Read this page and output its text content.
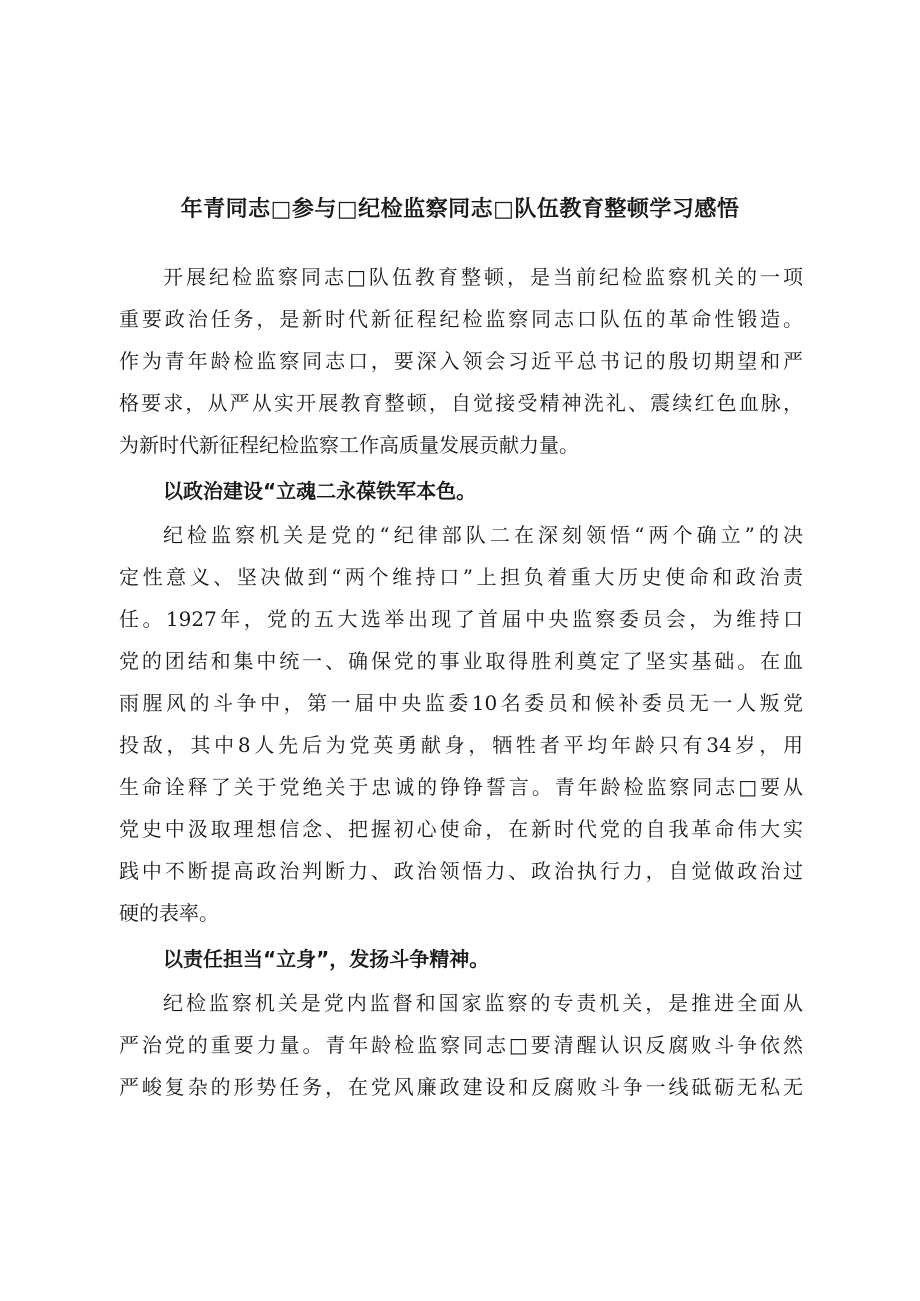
年青同志□参与□纪检监察同志□队伍教育整顿学习感悟
开展纪检监察同志□队伍教育整顿，是当前纪检监察机关的一项
重要政治任务，是新时代新征程纪检监察同志口队伍的革命性锻造。
作为青年龄检监察同志口，要深入领会习近平总书记的殷切期望和严
格要求，从严从实开展教育整顿，自觉接受精神洗礼、震续红色血脉，
为新时代新征程纪检监察工作高质量发展贡献力量。
以政治建设“立魂二永葆铁军本色。
纪检监察机关是党的“纪律部队二在深刻领悟“两个确立”的决
定性意义、坚决做到“两个维持口”上担负着重大历史使命和政治责
任。1927年，党的五大选举出现了首届中央监察委员会，为维持口
党的团结和集中统一、确保党的事业取得胜利奠定了坚实基础。在血
雨腥风的斗争中，第一届中央监委10名委员和候补委员无一人叛党
投敌，其中8人先后为党英勇献身，牺牲者平均年龄只有34岁，用
生命诠释了关于党绝关于忠诚的铮铮誓言。青年龄检监察同志□要从
党史中汲取理想信念、把握初心使命，在新时代党的自我革命伟大实
践中不断提高政治判断力、政治领悟力、政治执行力，自觉做政治过
硬的表率。
以责任担当“立身”，发扬斗争精神。
纪检监察机关是党内监督和国家监察的专责机关，是推进全面从
严治党的重要力量。青年龄检监察同志□要清醒认识反腐败斗争依然
严峻复杂的形势任务，在党风廉政建设和反腐败斗争一线砥砺无私无
